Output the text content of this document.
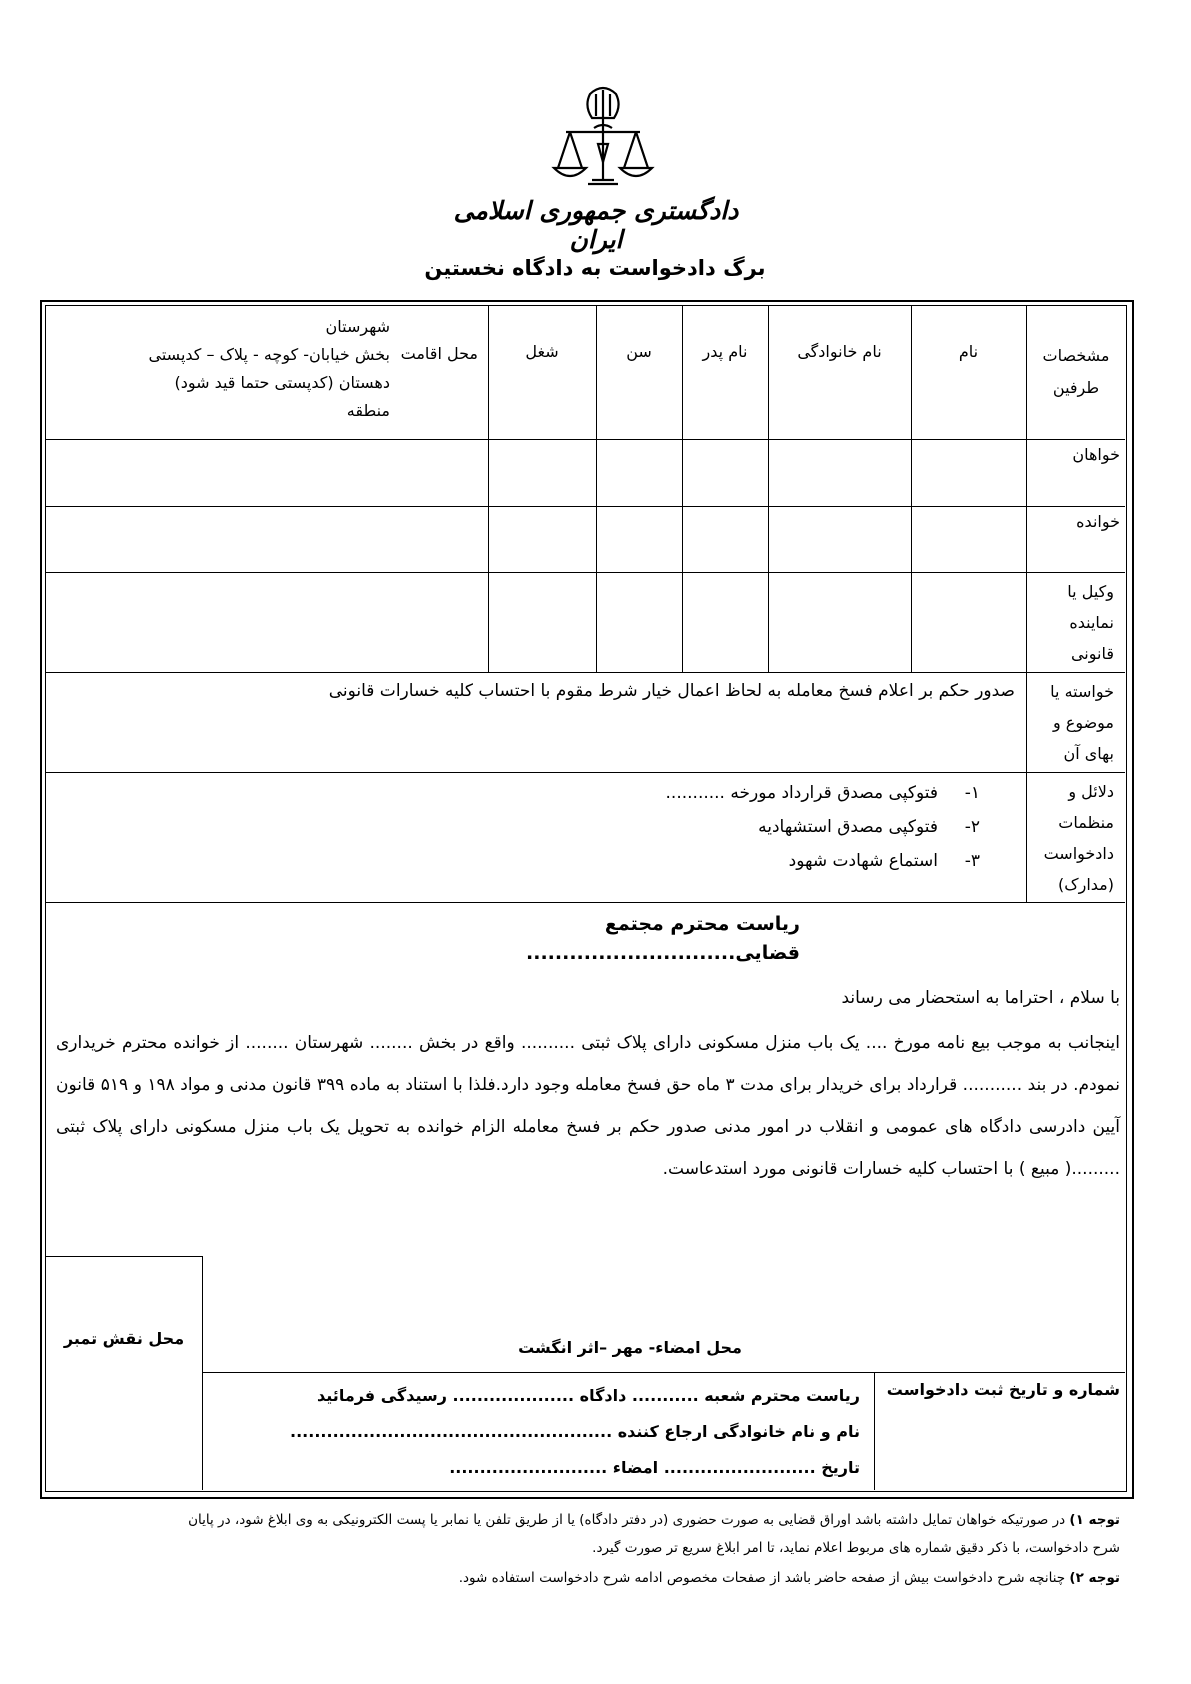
دادگستری جمهوری اسلامی ایران
برگ دادخواست به دادگاه نخستین
مشخصات طرفین
نام
نام خانوادگی
نام پدر
سن
شغل
محل اقامت
شهرستان
بخش خیابان- کوچه - پلاک – کدپستی
دهستان (کدپستی حتما قید شود)
منطقه
خواهان
خوانده
وکیل یا نماینده قانونی
خواسته یا موضوع و بهای آن
صدور حکم بر اعلام فسخ معامله به لحاظ اعمال خیار شرط مقوم با احتساب کلیه خسارات قانونی
دلائل و منظمات دادخواست (مدارک)
۱-فتوکپی مصدق قرارداد مورخه ...........
۲-فتوکپی مصدق استشهادیه
۳-استماع شهادت شهود
ریاست محترم مجتمع قضایی.............................
با سلام ، احتراما به استحضار می رساند
اینجانب به موجب بیع نامه مورخ .... یک باب منزل مسکونی دارای پلاک ثبتی .......... واقع در بخش ........ شهرستان ........ از خوانده محترم خریداری نمودم. در بند ........... قرارداد برای خریدار برای مدت ۳ ماه حق فسخ معامله وجود دارد.فلذا با استناد به ماده ۳۹۹ قانون مدنی و مواد ۱۹۸ و ۵۱۹ قانون آیین دادرسی دادگاه های عمومی و انقلاب در امور مدنی صدور حکم بر فسخ معامله الزام خوانده به تحویل یک باب منزل مسکونی دارای پلاک ثبتی .........( مبیع ) با احتساب کلیه خسارات قانونی مورد استدعاست.
محل نقش تمبر	محل امضاء- مهر –اثر انگشت
شماره و تاریخ ثبت دادخواست
ریاست محترم شعبه ........... دادگاه .................... رسیدگی فرمائید
نام و نام خانوادگی ارجاع کننده .....................................................
تاریخ ......................... امضاء ..........................
توجه ۱) در صورتیکه خواهان تمایل داشته باشد اوراق قضایی به صورت حضوری (در دفتر دادگاه) یا از طریق تلفن یا نمابر یا پست الکترونیکی به وی ابلاغ شود، در پایان
شرح دادخواست، با ذکر دقیق شماره های مربوط اعلام نماید، تا امر ابلاغ سریع تر صورت گیرد.
توجه ۲) چنانچه شرح دادخواست بیش از صفحه حاضر باشد از صفحات مخصوص ادامه شرح دادخواست استفاده شود.
